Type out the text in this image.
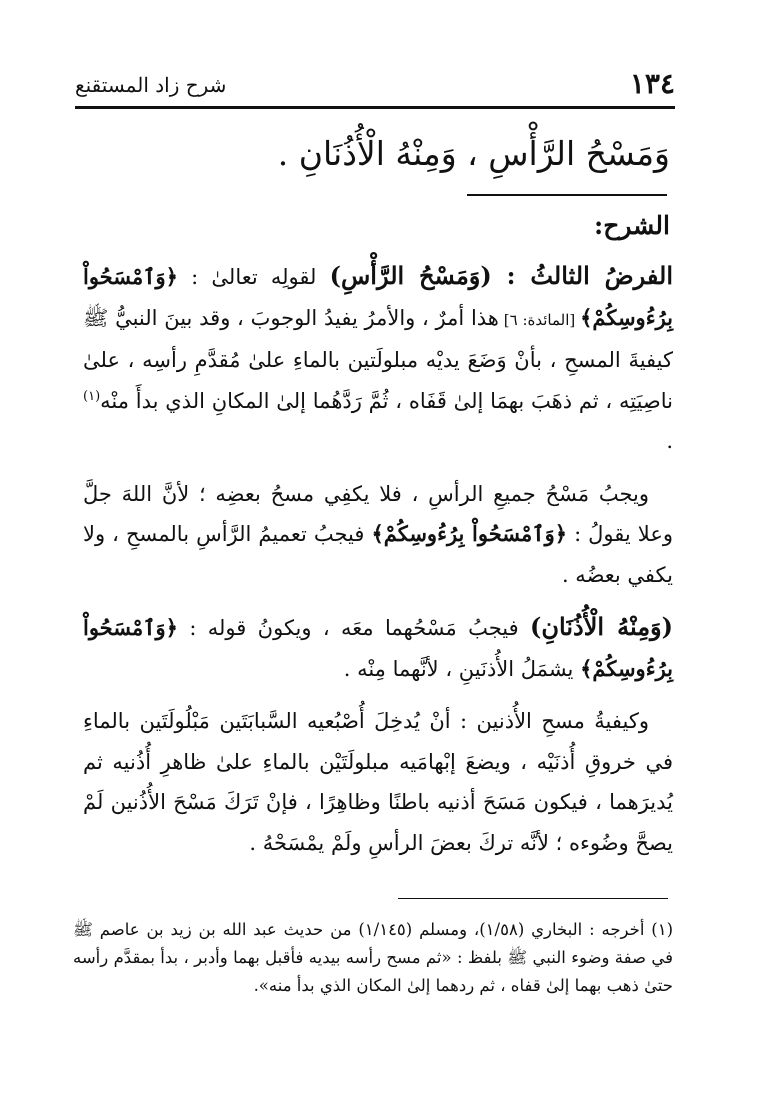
١٣٤
شرح زاد المستقنع
وَمَسْحُ الرَّأْسِ ، وَمِنْهُ الْأُذُنَانِ .
الشرح:

الفرضُ الثالثُ : (وَمَسْحُ الرَّأْسِ) لقولِه تعالىٰ : ﴿وَٱمْسَحُواْ بِرُءُوسِكُمْ﴾ [المائدة: ٦] هذا أمرٌ ، والأمرُ يفيدُ الوجوبَ ، وقد بينَ النبيُّ ﷺ كيفيةَ المسحِ ، بأنْ وَضَعَ يديْه مبلولَتين بالماءِ علىٰ مُقدَّمِ رأسِه ، علىٰ ناصِيَتِه ، ثم ذهَبَ بهمَا إلىٰ قَفَاه ، ثُمَّ رَدَّهُما إلىٰ المكانِ الذي بدأَ منْه$^{(١)}$ .

ويجبُ مَسْحُ جميعِ الرأسِ ، فلا يكفِي مسحُ بعضِه ؛ لأنَّ اللهَ جلَّ وعلا يقولُ : ﴿وَٱمْسَحُواْ بِرُءُوسِكُمْ﴾ فيجبُ تعميمُ الرَّأسِ بالمسحِ ، ولا يكفي بعضُه .

(وَمِنْهُ الْأُذُنَانِ) فيجبُ مَسْحُهما معَه ، ويكونُ قوله : ﴿وَٱمْسَحُواْ بِرُءُوسِكُمْ﴾ يشمَلُ الأُذنَينِ ، لأنَّهما مِنْه .

وكيفيةُ مسحِ الأُذنين : أنْ يُدخِلَ أُصْبُعيه السَّبابَتَين مَبْلُولَتَين بالماءِ في خروقِ أُذنَيْه ، ويضعَ إبْهامَيه مبلولَتَيْن بالماءِ علىٰ ظاهرِ أُذُنيه ثم يُديرَهما ، فيكون مَسَحَ أذنيه باطنًا وظاهِرًا ، فإنْ تَرَكَ مَسْحَ الأُذُنين لَمْ يصحَّ وضُوءه ؛ لأنَّه تركَ بعضَ الرأسِ ولَمْ يمْسَحْهُ .

(١) أخرجه : البخاري (١/٥٨)، ومسلم (١/١٤٥) من حديث عبد الله بن زيد بن عاصم ﷺ في صفة وضوء النبي ﷺ بلفظ : «ثم مسح رأسه بيديه فأقبل بهما وأدبر ، بدأ بمقدَّم رأسه حتىٰ ذهب بهما إلىٰ قفاه ، ثم ردهما إلىٰ المكان الذي بدأ منه».
